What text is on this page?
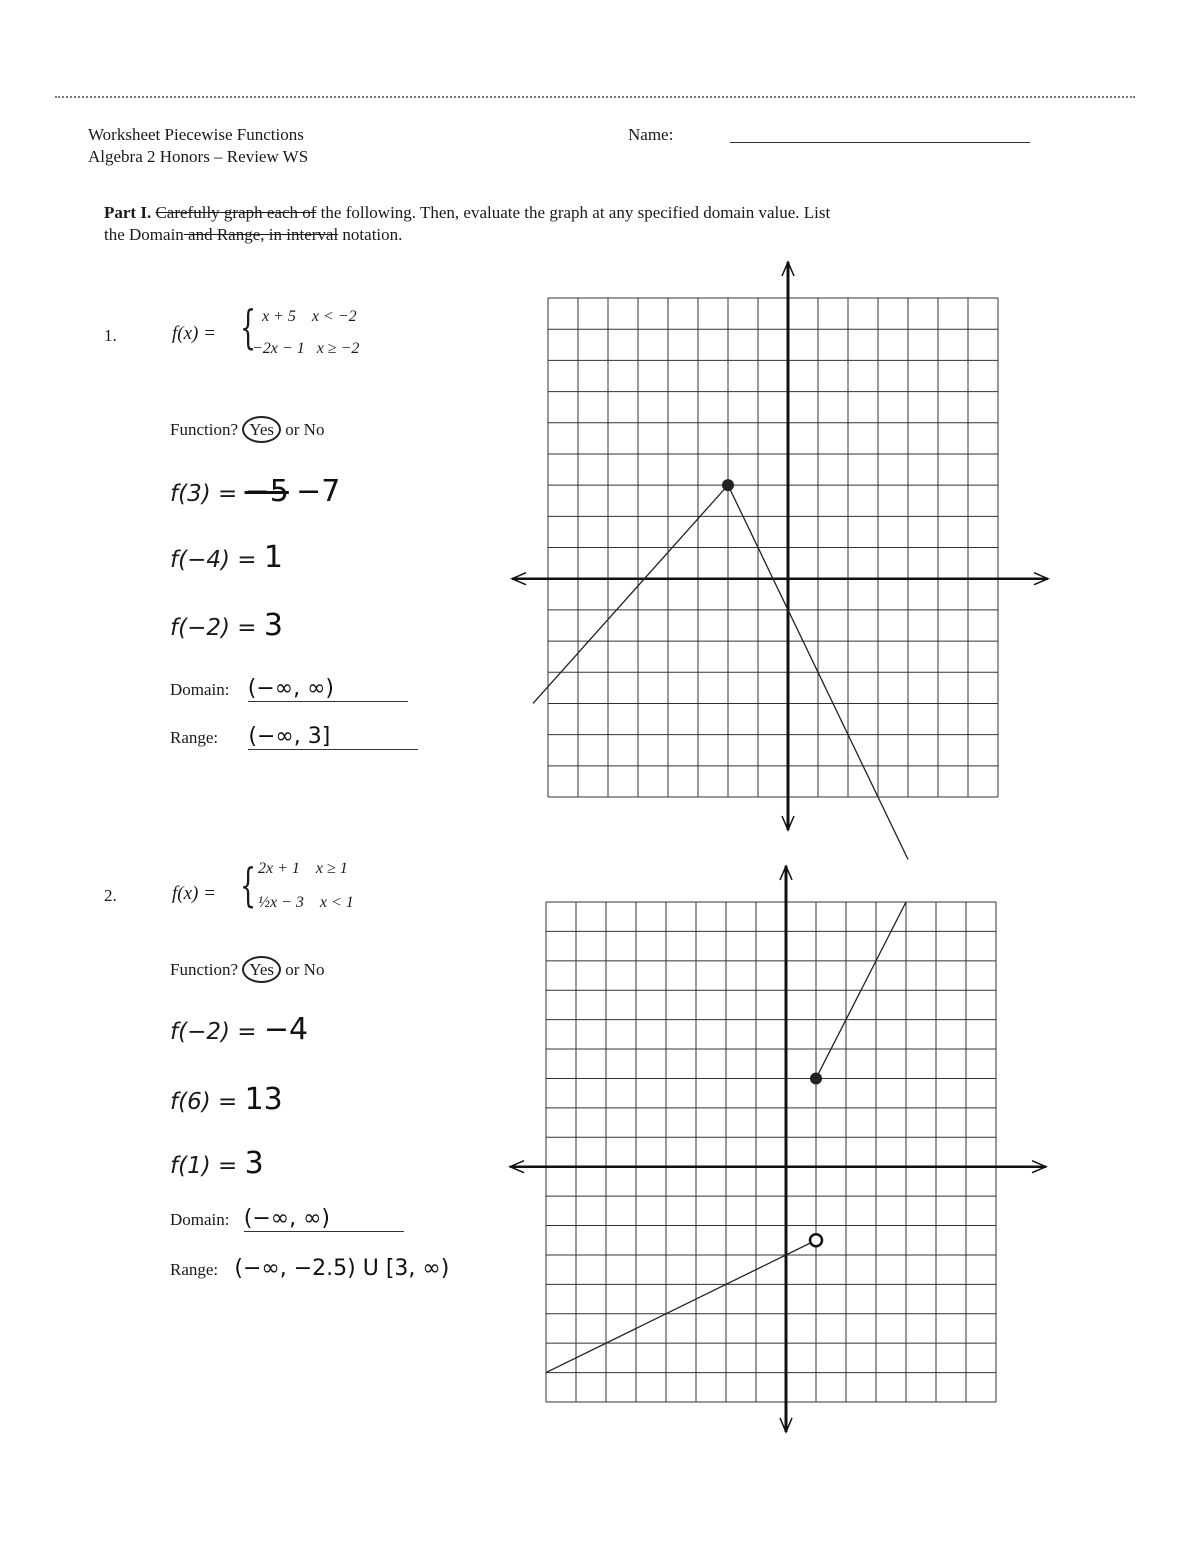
Worksheet Piecewise Functions
Algebra 2 Honors – Review WS
Name:
Part I. Carefully graph each of the following. Then, evaluate the graph at any specified domain value. List
the Domain and Range, in interval notation.
1.	f(x) = { x + 5 x < −2
−2x − 1 x ≥ −2
Function? Yes or No
f(3) = −5 −7
f(−4) = 1
f(−2) = 3
Domain: (−∞, ∞)
Range: (−∞, 3]
2.	f(x) = { 2x + 1 x ≥ 1
½x − 3 x < 1
Function? Yes or No
f(−2) = −4
f(6) = 13
f(1) = 3
Domain: (−∞, ∞)
Range: (−∞, −2.5) U [3, ∞)
